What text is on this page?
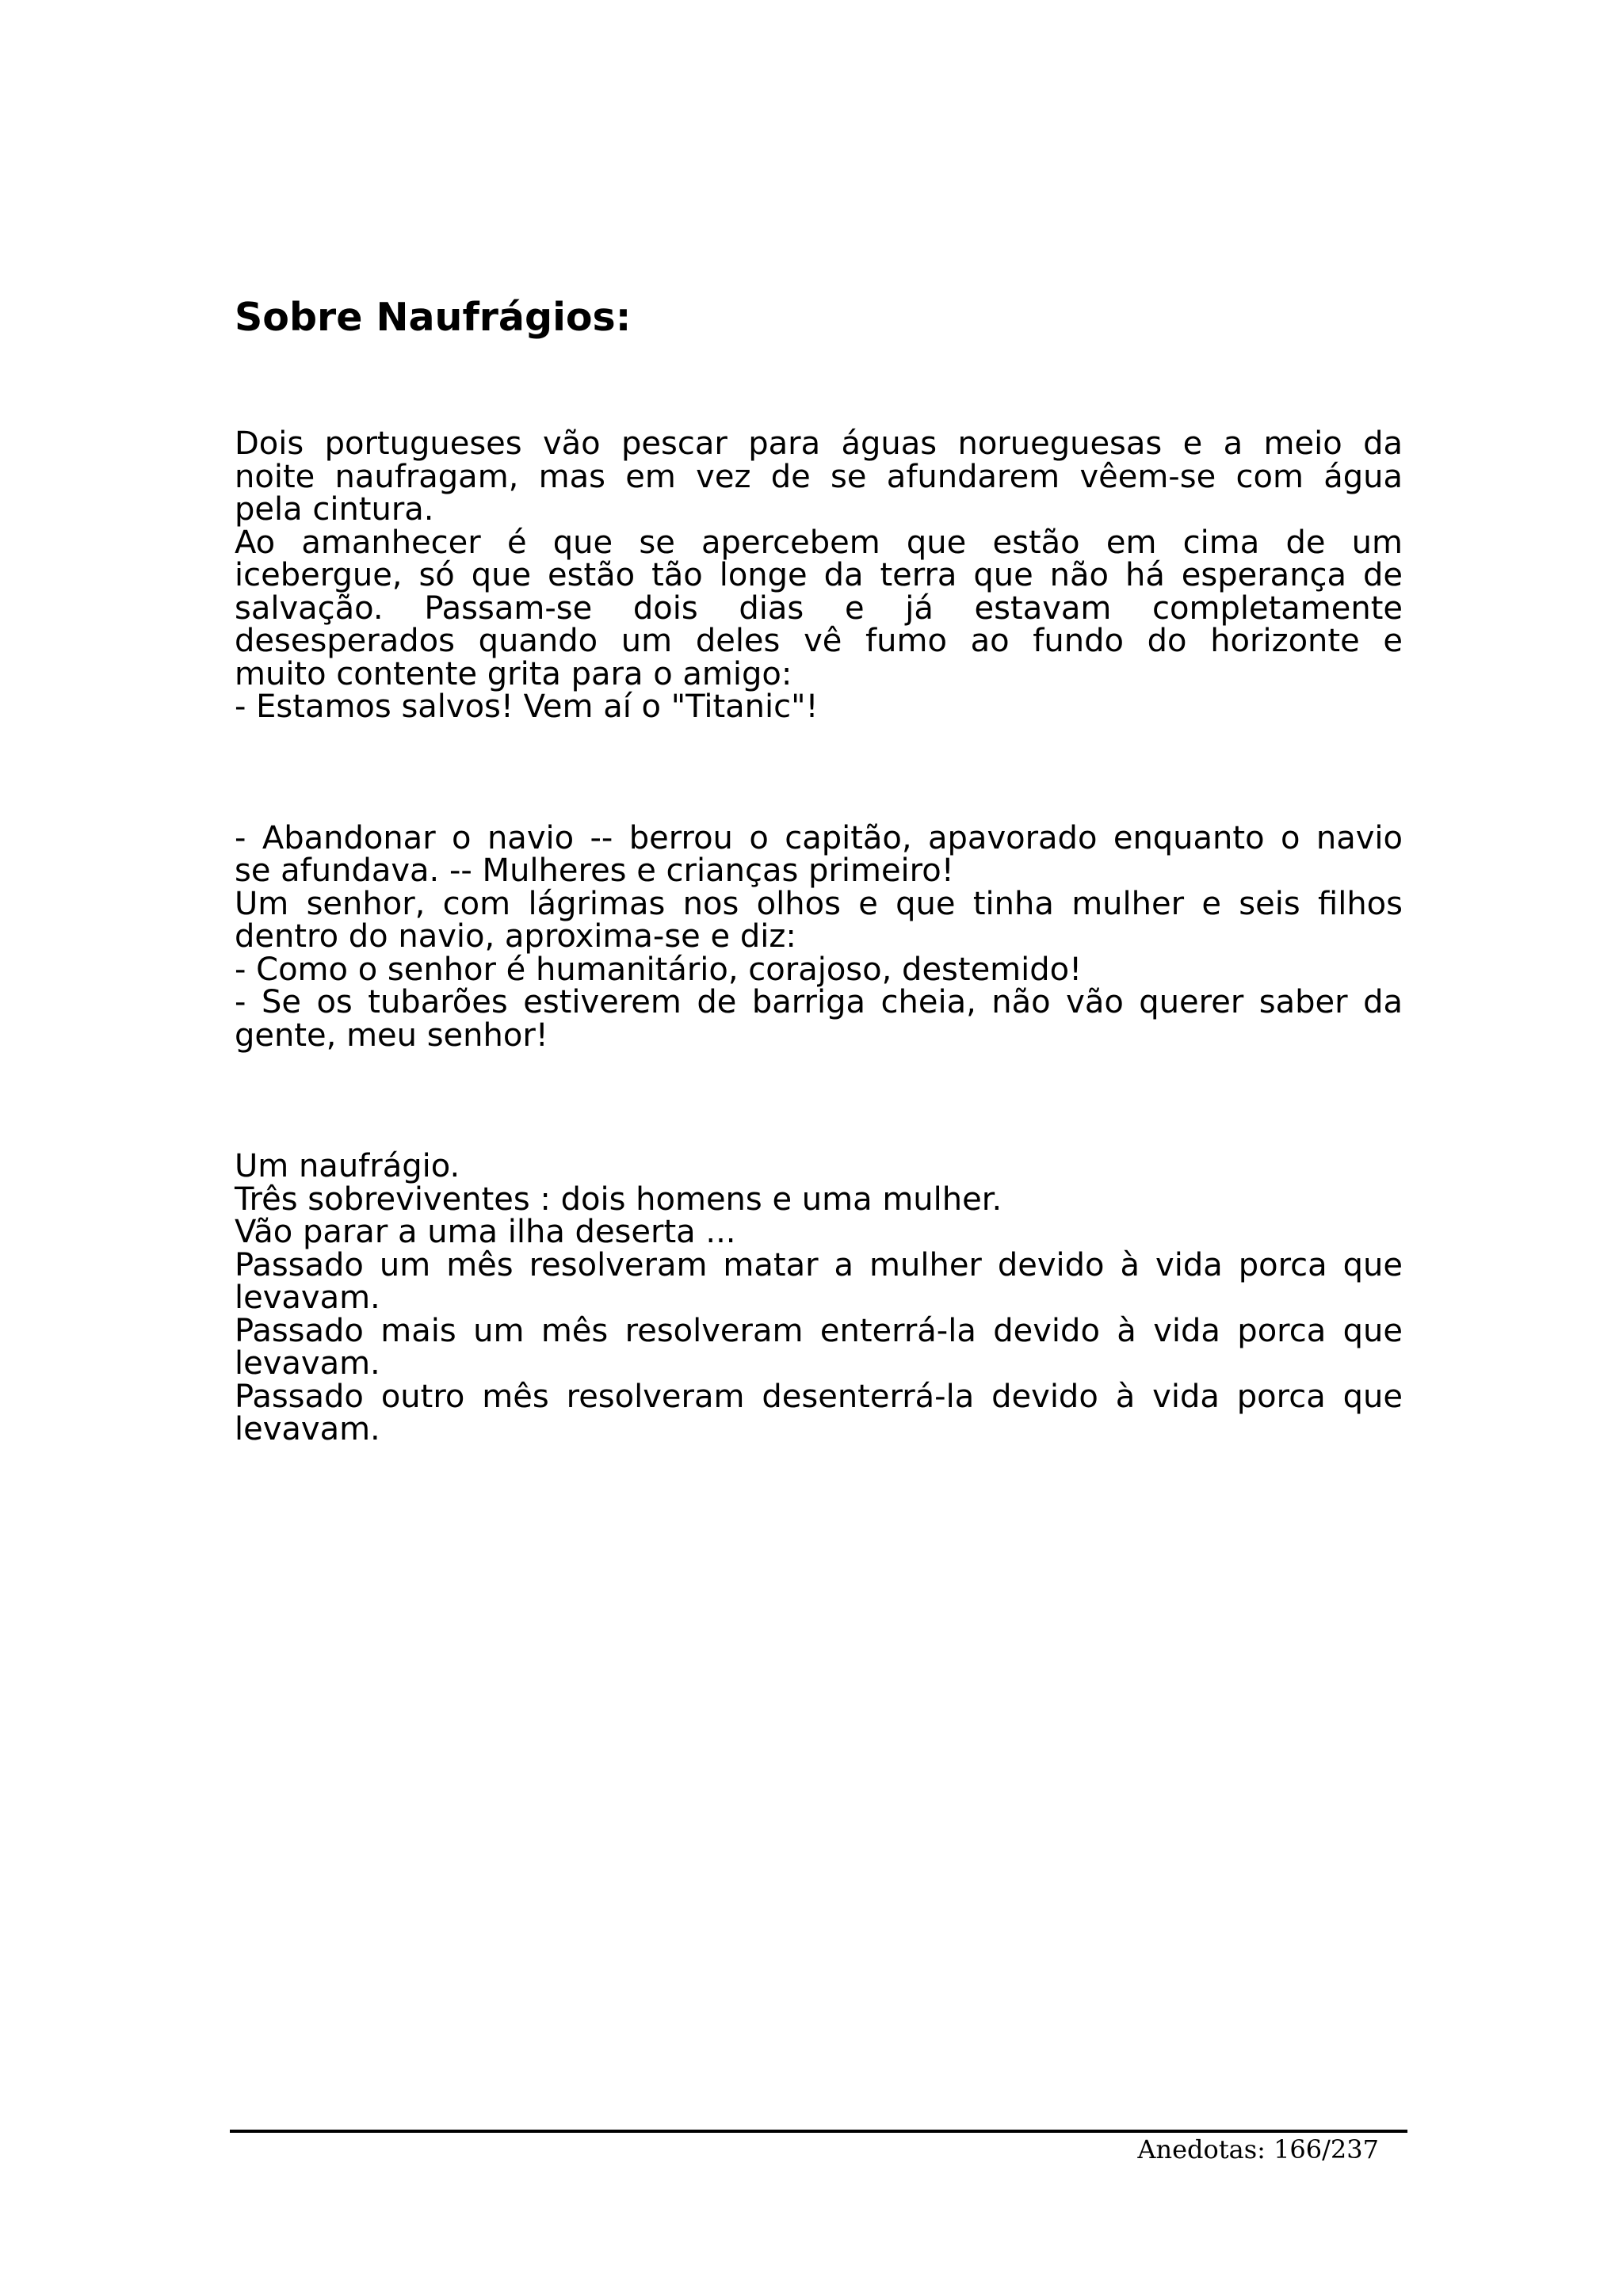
Sobre Naufrágios:
Dois portugueses vão pescar para águas norueguesas e a meio da
noite naufragam, mas em vez de se afundarem vêem-se com água
pela cintura.
Ao amanhecer é que se apercebem que estão em cima de um
icebergue, só que estão tão longe da terra que não há esperança de
salvação. Passam-se dois dias e já estavam completamente
desesperados quando um deles vê fumo ao fundo do horizonte e
muito contente grita para o amigo:
- Estamos salvos! Vem aí o "Titanic"!
- Abandonar o navio -- berrou o capitão, apavorado enquanto o navio
se afundava. -- Mulheres e crianças primeiro!
Um senhor, com lágrimas nos olhos e que tinha mulher e seis filhos
dentro do navio, aproxima-se e diz:
- Como o senhor é humanitário, corajoso, destemido!
- Se os tubarões estiverem de barriga cheia, não vão querer saber da
gente, meu senhor!
Um naufrágio.
Três sobreviventes : dois homens e uma mulher.
Vão parar a uma ilha deserta ...
Passado um mês resolveram matar a mulher devido à vida porca que
levavam.
Passado mais um mês resolveram enterrá-la devido à vida porca que
levavam.
Passado outro mês resolveram desenterrá-la devido à vida porca que
levavam.
Anedotas: 166/237
